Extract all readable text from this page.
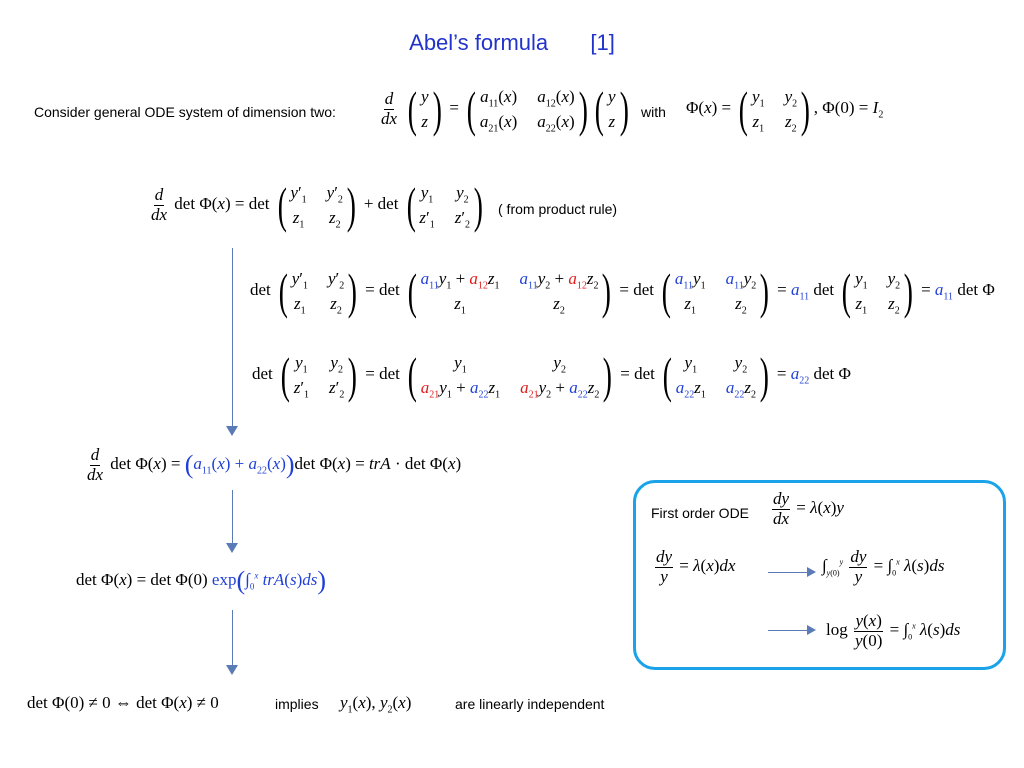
Abel’s formula [1]
Consider general ODE system of dimension two:	$\frac{d}{dx}$
( y
z ) = ( $a_{11}(x)$ $a_{12}(x)$
$a_{21}(x)$ $a_{22}(x)$ ) ( y
z ) with Φ(x) = ( $y_1$ $y_2$
$z_1$ $z_2$ ) , $\Phi(0) = I_2$
$\frac{d}{dx}$ det Φ(x) = det ( $y'_1$ $y'_2$
$z_1$ $z_2$ ) + det ( $y_1$ $y_2$
$z'_1$ $z'_2$ ) ( from product rule)
det ( $y'_1$ $y'_2$
$z_1$ $z_2$ ) = det ( $a_{11}y_1 + a_{12}z_1$ $a_{11}y_2 + a_{12}z_2$
$z_1$	$z_2$ ) = det ( $a_{11}y_1$ $a_{11}y_2$
$z_1$ $z_2$ ) = $a_{11}$ det ( $y_1$ $y_2$
$z_1$ $z_2$ ) = $a_{11}$ det Φ
det ( $y_1$ $y_2$
$z'_1$ $z'_2$ ) = det ( $y_1$	$y_2$
$a_{21}y_1 + a_{22}z_1$ $a_{21}y_2 + a_{22}z_2$ ) = det ( $y_1$ $y_2$
$a_{22}z_1$ $a_{22}z_2$ ) = $a_{22}$ det Φ
$\frac{d}{dx}$ $\det \Phi(x) = (a_{11}(x) + a_{22}(x))\det$ Φ(x) = trA · det Φ(x)
det Φ(x) = det Φ(0) $\exp(\int_0^x$ trA(s)ds)
det Φ(0) ≠ 0 ⇔ det Φ(x) ≠ 0	implies $y_1(x)$, $y_2(x)$	are linearly independent
First order ODE $\frac{dy}{dx} = \lambda(x)y$
$\frac{dy}{y} = \lambda(x)dx$	$\int_{y(0)}^y \frac{dy}{y} = \int_0^x$ λ(s)ds
$\log \frac{y(x)}{y(0)} = \int_0^x$ λ(s)ds
